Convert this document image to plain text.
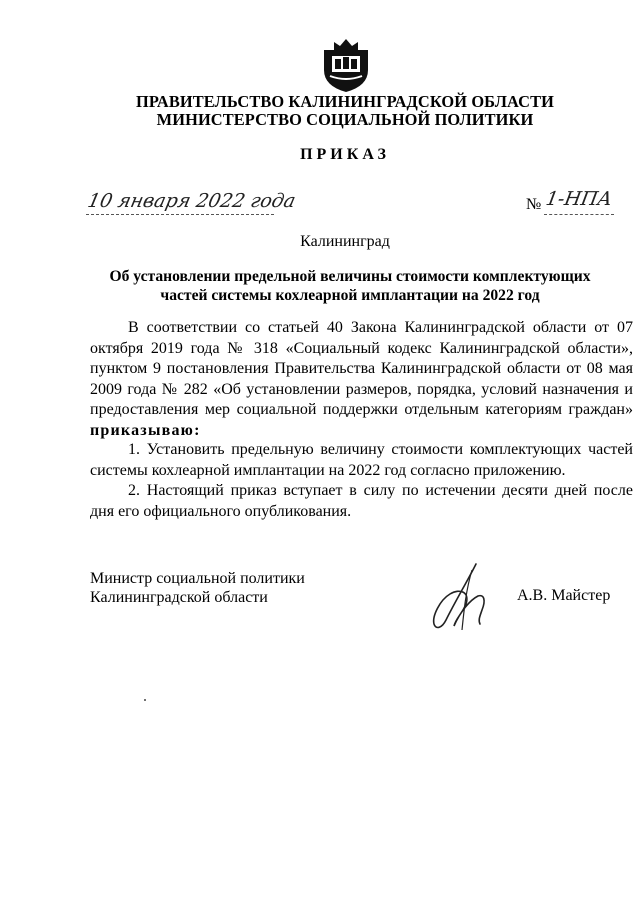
ПРАВИТЕЛЬСТВО КАЛИНИНГРАДСКОЙ ОБЛАСТИ
МИНИСТЕРСТВО СОЦИАЛЬНОЙ ПОЛИТИКИ
ПРИКАЗ
10 января 2022 года	№ 1-НПА
Калининград
Об установлении предельной величины стоимости комплектующих
частей системы кохлеарной имплантации на 2022 год
В соответствии со статьей 40 Закона Калининградской области от 07 октября 2019 года № 318 «Социальный кодекс Калининградской области», пунктом 9 постановления Правительства Калининградской области от 08 мая 2009 года № 282 «Об установлении размеров, порядка, условий назначения и предоставления мер социальной поддержки отдельным категориям граждан» приказываю:
1. Установить предельную величину стоимости комплектующих частей системы кохлеарной имплантации на 2022 год согласно приложению.
2. Настоящий приказ вступает в силу по истечении десяти дней после дня его официального опубликования.
Министр социальной политики
Калининградской области	А.В. Майстер
